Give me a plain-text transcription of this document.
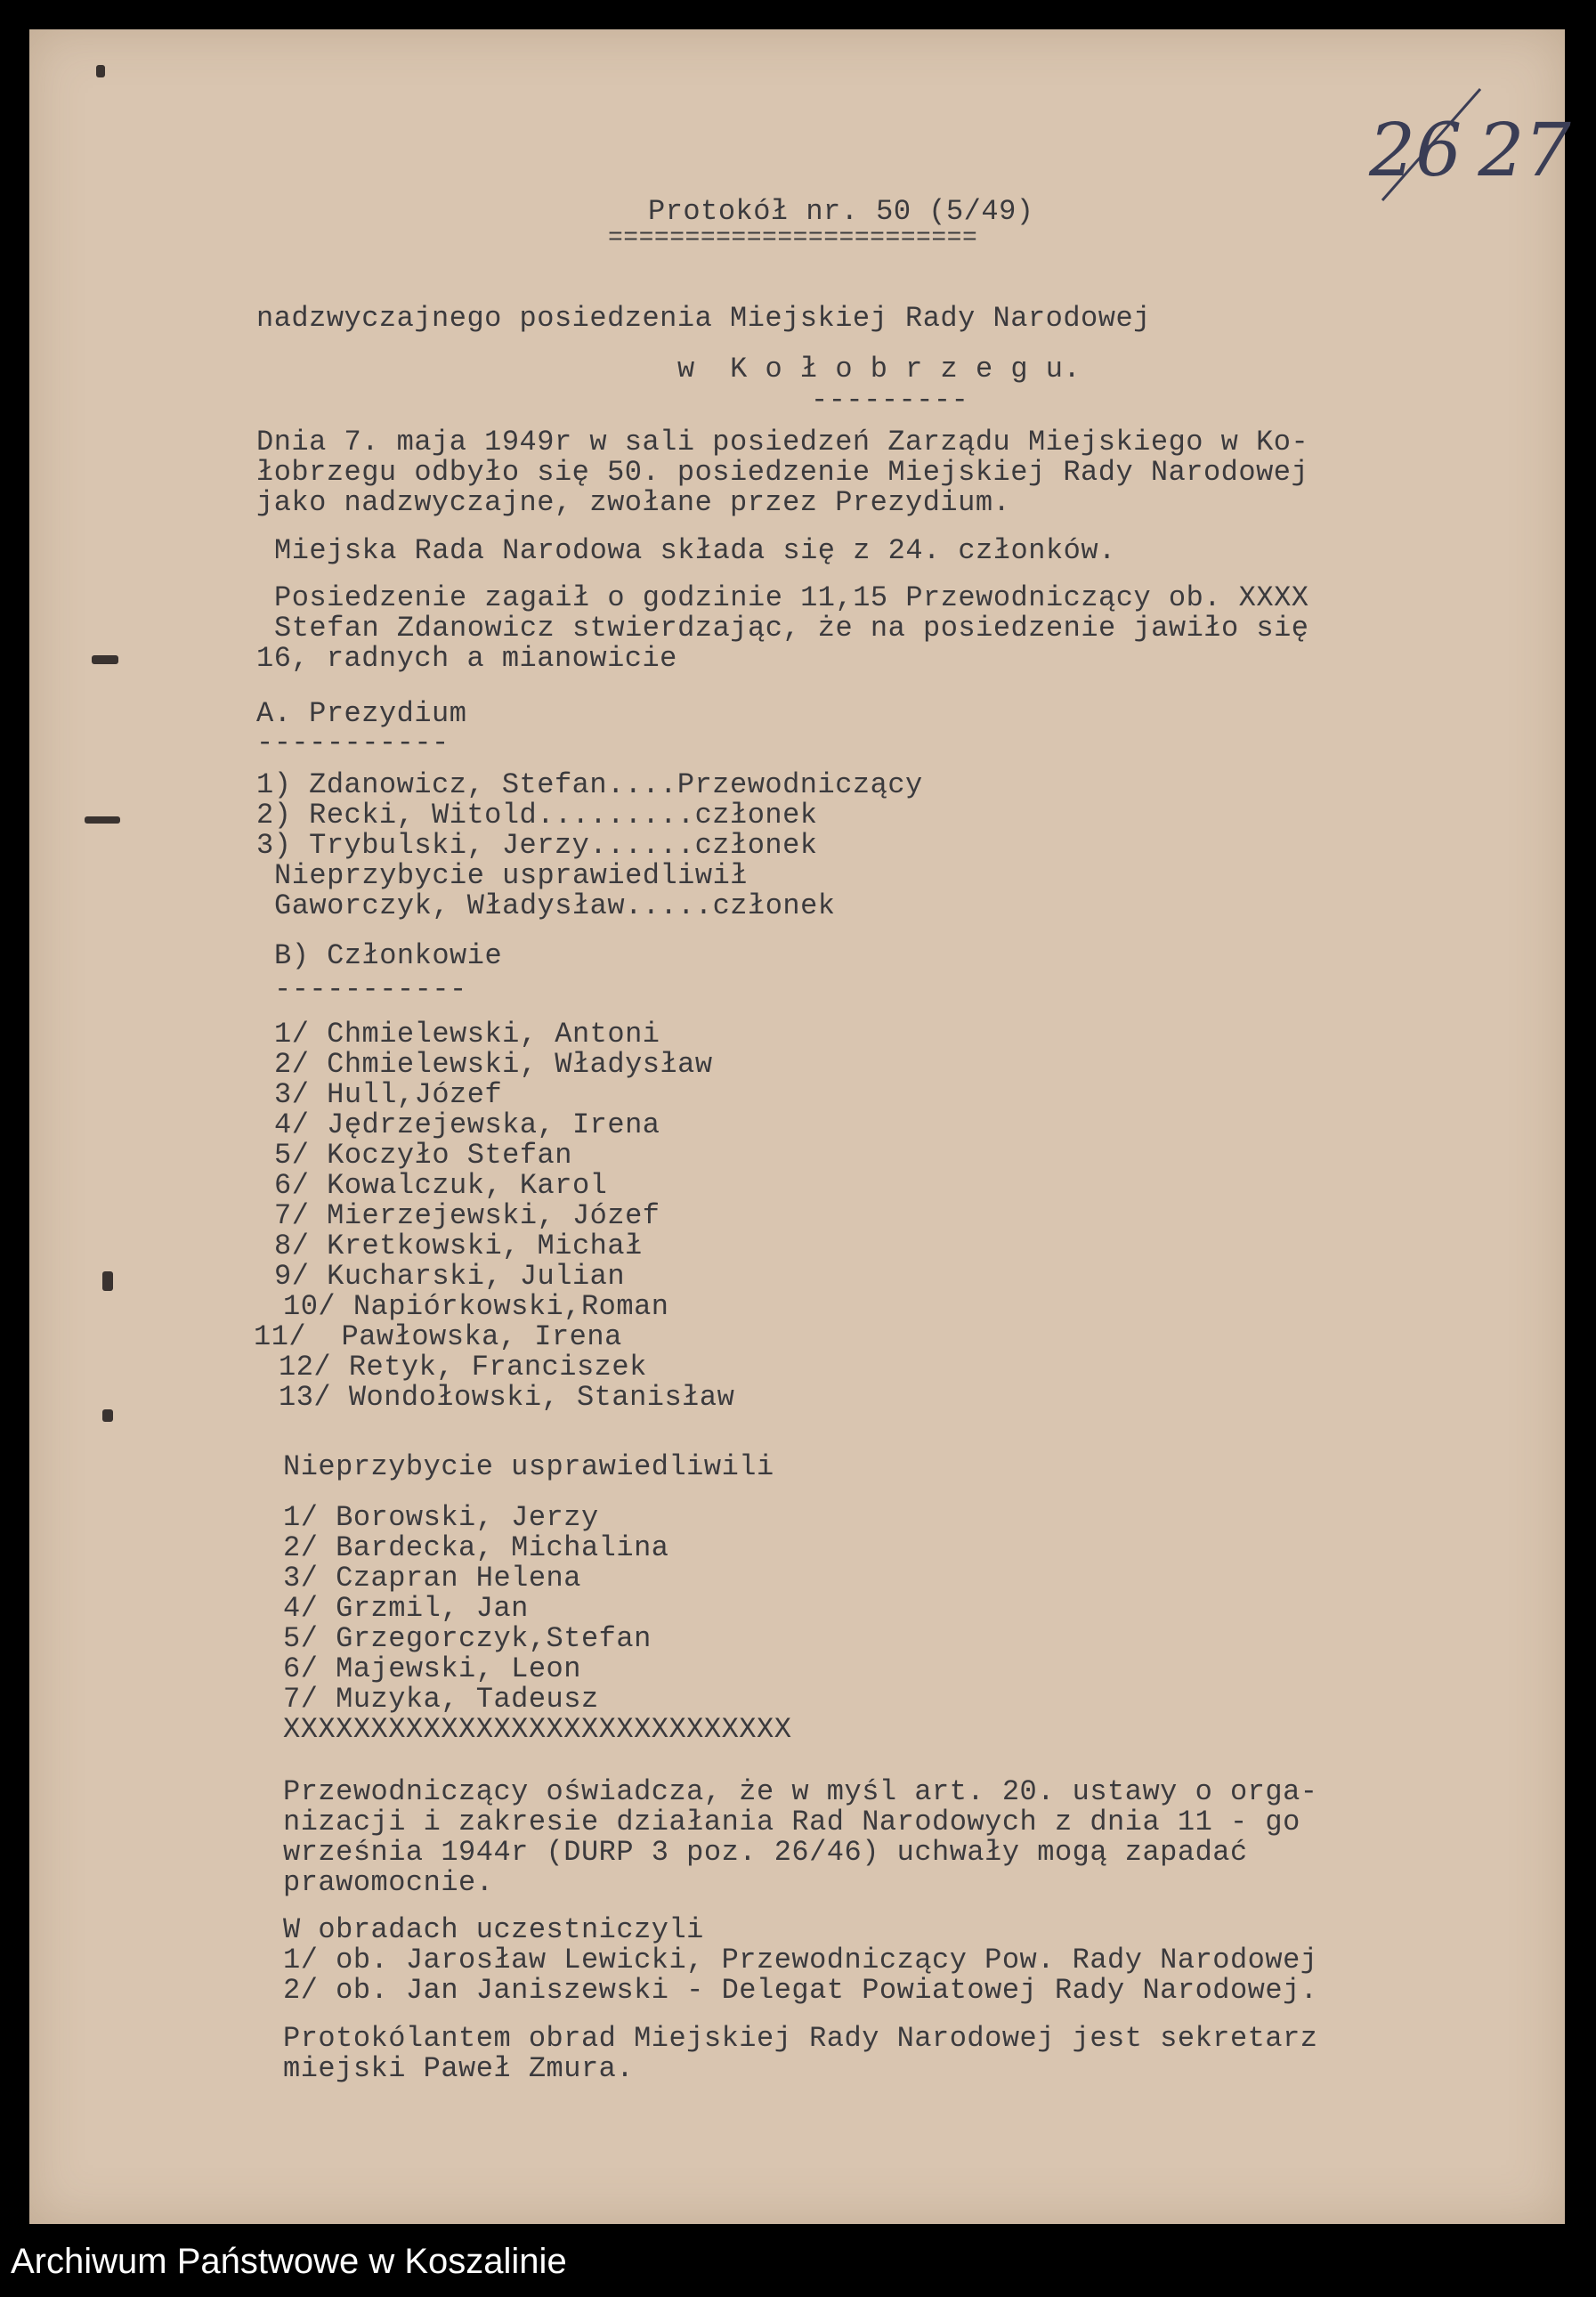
26 27
Protokół nr. 50 (5/49)
========================
nadzwyczajnego posiedzenia Miejskiej Rady Narodowej
w  K o ł o b r z e g u.
---------
Dnia 7. maja 1949r w sali posiedzeń Zarządu Miejskiego w Ko-
łobrzegu odbyło się 50. posiedzenie Miejskiej Rady Narodowej
jako nadzwyczajne, zwołane przez Prezydium.
Miejska Rada Narodowa składa się z 24. członków.
Posiedzenie zagaił o godzinie 11,15 Przewodniczący ob. XXXX
Stefan Zdanowicz stwierdzając, że na posiedzenie jawiło się
16, radnych a mianowicie
A. Prezydium
-----------
1) Zdanowicz, Stefan....Przewodniczący
2) Recki, Witold.........członek
3) Trybulski, Jerzy......członek
Nieprzybycie usprawiedliwił
Gaworczyk, Władysław.....członek
B) Członkowie
-----------
1/ Chmielewski, Antoni
2/ Chmielewski, Władysław
3/ Hull,Józef
4/ Jędrzejewska, Irena
5/ Koczyło Stefan
6/ Kowalczuk, Karol
7/ Mierzejewski, Józef
8/ Kretkowski, Michał
9/ Kucharski, Julian
10/ Napiórkowski,Roman
11/  Pawłowska, Irena
12/ Retyk, Franciszek
13/ Wondołowski, Stanisław
Nieprzybycie usprawiedliwili
1/ Borowski, Jerzy
2/ Bardecka, Michalina
3/ Czapran Helena
4/ Grzmil, Jan
5/ Grzegorczyk,Stefan
6/ Majewski, Leon
7/ Muzyka, Tadeusz
XXXXXXXXXXXXXXXXXXXXXXXXXXXXX
Przewodniczący oświadcza, że w myśl art. 20. ustawy o orga-
nizacji i zakresie działania Rad Narodowych z dnia 11 - go
września 1944r (DURP 3 poz. 26/46) uchwały mogą zapadać
prawomocnie.
W obradach uczestniczyli
1/ ob. Jarosław Lewicki, Przewodniczący Pow. Rady Narodowej
2/ ob. Jan Janiszewski - Delegat Powiatowej Rady Narodowej.
Protokólantem obrad Miejskiej Rady Narodowej jest sekretarz
miejski Paweł Zmura.
Archiwum Państwowe w Koszalinie
